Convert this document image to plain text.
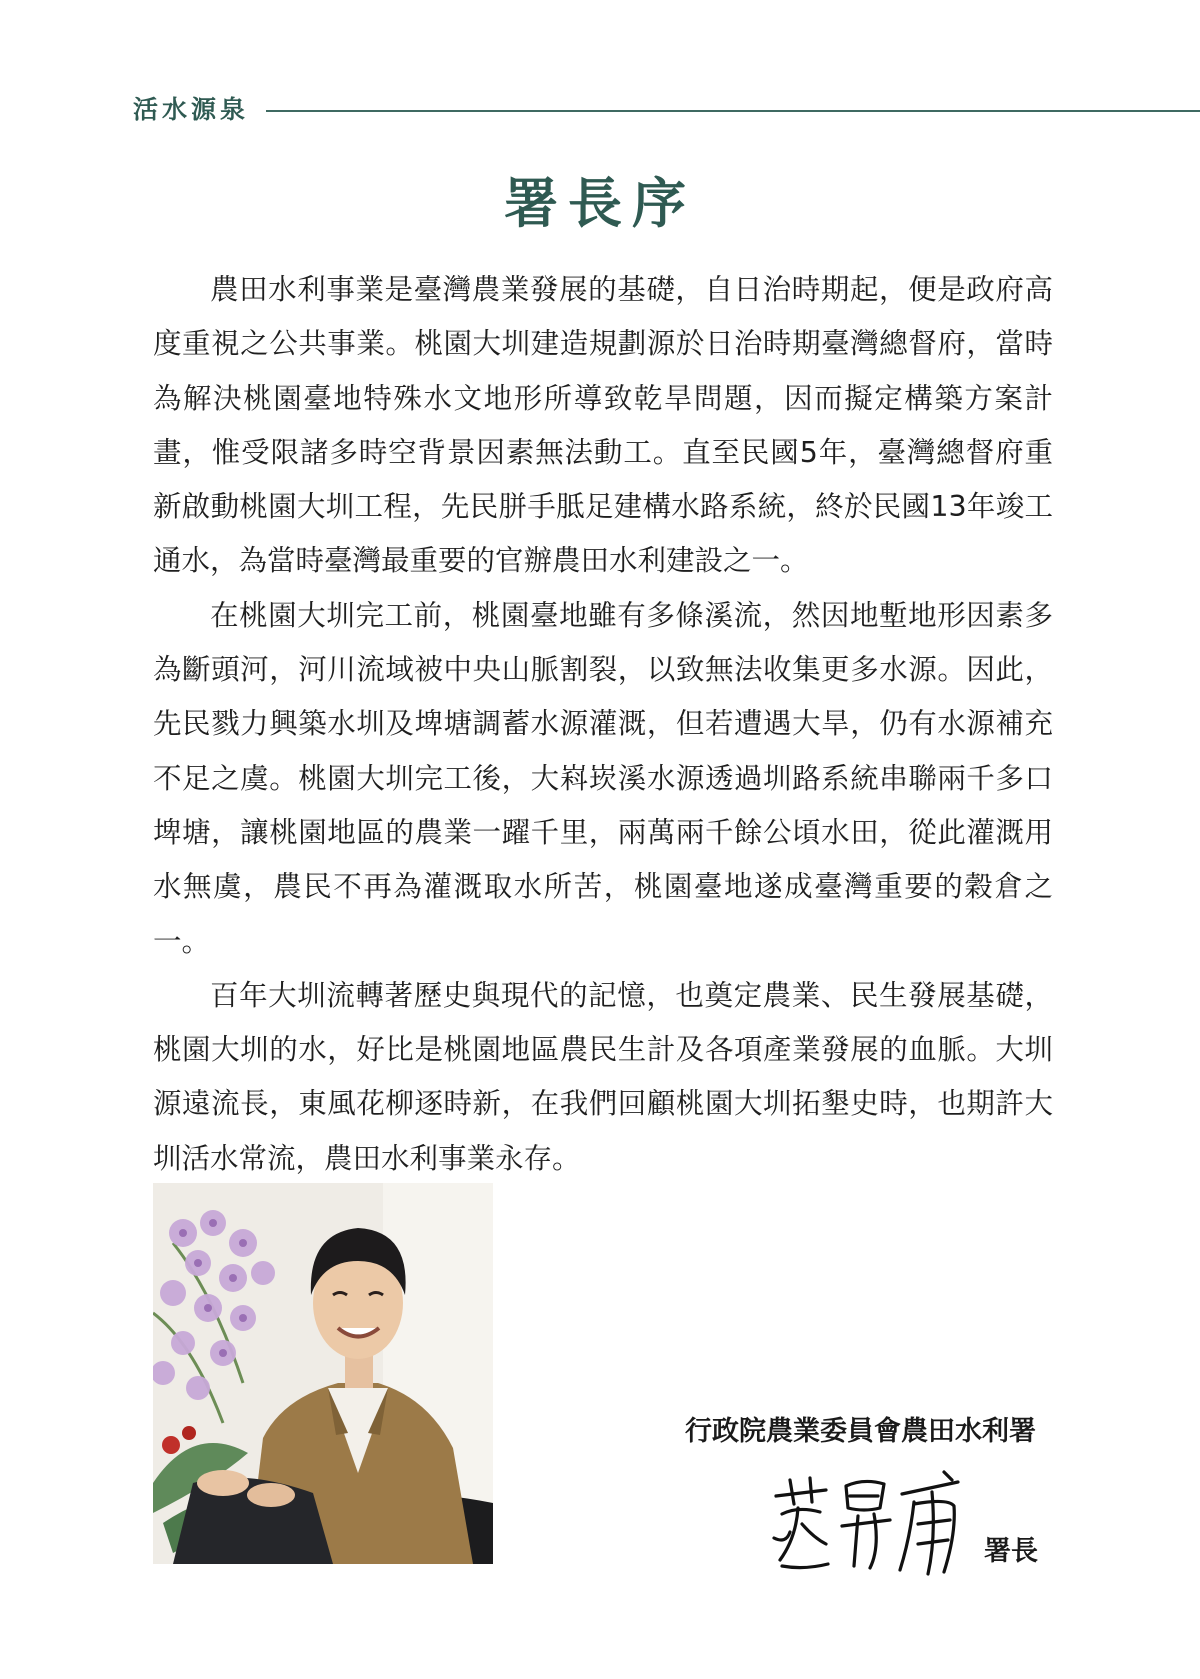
活水源泉
署長序

農田水利事業是臺灣農業發展的基礎，自日治時期起，便是政府高度重視之公共事業。桃園大圳建造規劃源於日治時期臺灣總督府，當時為解決桃園臺地特殊水文地形所導致乾旱問題，因而擬定構築方案計畫，惟受限諸多時空背景因素無法動工。直至民國5年，臺灣總督府重新啟動桃園大圳工程，先民胼手胝足建構水路系統，終於民國13年竣工通水，為當時臺灣最重要的官辦農田水利建設之一。

在桃園大圳完工前，桃園臺地雖有多條溪流，然因地塹地形因素多為斷頭河，河川流域被中央山脈割裂，以致無法收集更多水源。因此，先民戮力興築水圳及埤塘調蓄水源灌溉，但若遭遇大旱，仍有水源補充不足之虞。桃園大圳完工後，大嵙崁溪水源透過圳路系統串聯兩千多口埤塘，讓桃園地區的農業一躍千里，兩萬兩千餘公頃水田，從此灌溉用水無虞，農民不再為灌溉取水所苦，桃園臺地遂成臺灣重要的穀倉之一。

百年大圳流轉著歷史與現代的記憶，也奠定農業、民生發展基礎，桃園大圳的水，好比是桃園地區農民生計及各項產業發展的血脈。大圳源遠流長，東風花柳逐時新，在我們回顧桃園大圳拓墾史時，也期許大圳活水常流，農田水利事業永存。

行政院農業委員會農田水利署
署長
